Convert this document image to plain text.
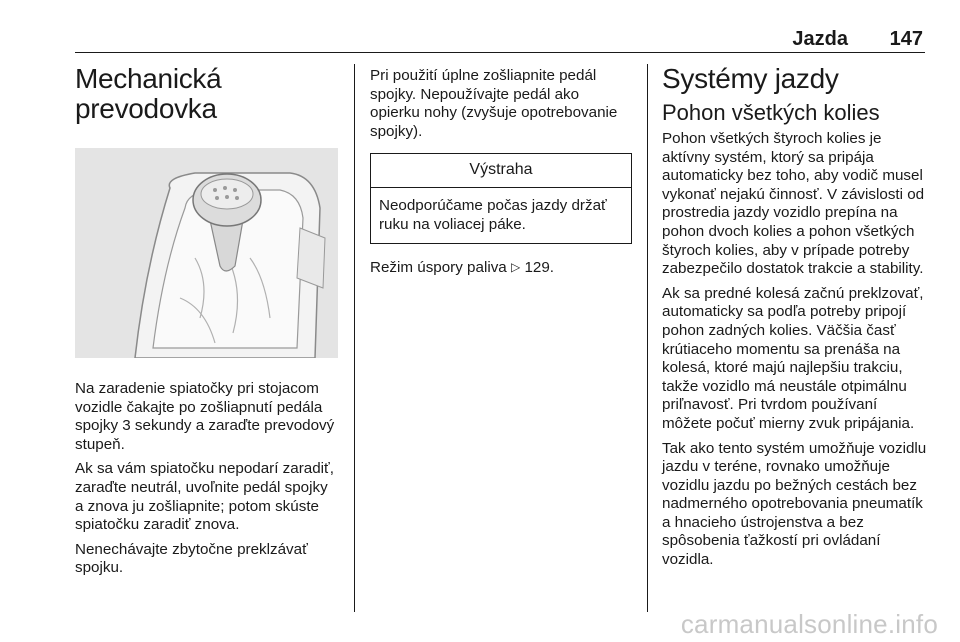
Jazda 147
Mechanická
prevodovka

Na zaradenie spiatočky pri stojacom vozidle čakajte po zošliapnutí pedála spojky 3 sekundy a zaraďte prevodový stupeň.

Ak sa vám spiatočku nepodarí zaradiť, zaraďte neutrál, uvoľnite pedál spojky a znova ju zošliapnite; potom skúste spiatočku zaradiť znova.

Nenechávajte zbytočne preklzávať spojku.

Pri použití úplne zošliapnite pedál spojky. Nepoužívajte pedál ako opierku nohy (zvyšuje opotrebovanie spojky).

Výstraha
Neodporúčame počas jazdy držať ruku na voliacej páke.

Režim úspory paliva ▷ 129.

Systémy jazdy
Pohon všetkých kolies

Pohon všetkých štyroch kolies je aktívny systém, ktorý sa pripája automaticky bez toho, aby vodič musel vykonať nejakú činnosť. V závislosti od prostredia jazdy vozidlo prepína na pohon dvoch kolies a pohon všetkých štyroch kolies, aby v prípade potreby zabezpečilo dostatok trakcie a stability.

Ak sa predné kolesá začnú preklzovať, automaticky sa podľa potreby pripojí pohon zadných kolies. Väčšia časť krútiaceho momentu sa prenáša na kolesá, ktoré majú najlepšiu trakciu, takže vozidlo má neustále otpimálnu priľnavosť. Pri tvrdom používaní môžete počuť mierny zvuk pripájania.

Tak ako tento systém umožňuje vozidlu jazdu v teréne, rovnako umožňuje vozidlu jazdu po bežných cestách bez nadmerného opotrebovania pneumatík a hnacieho ústrojenstva a bez spôsobenia ťažkostí pri ovládaní vozidla.

carmanualsonline.info
